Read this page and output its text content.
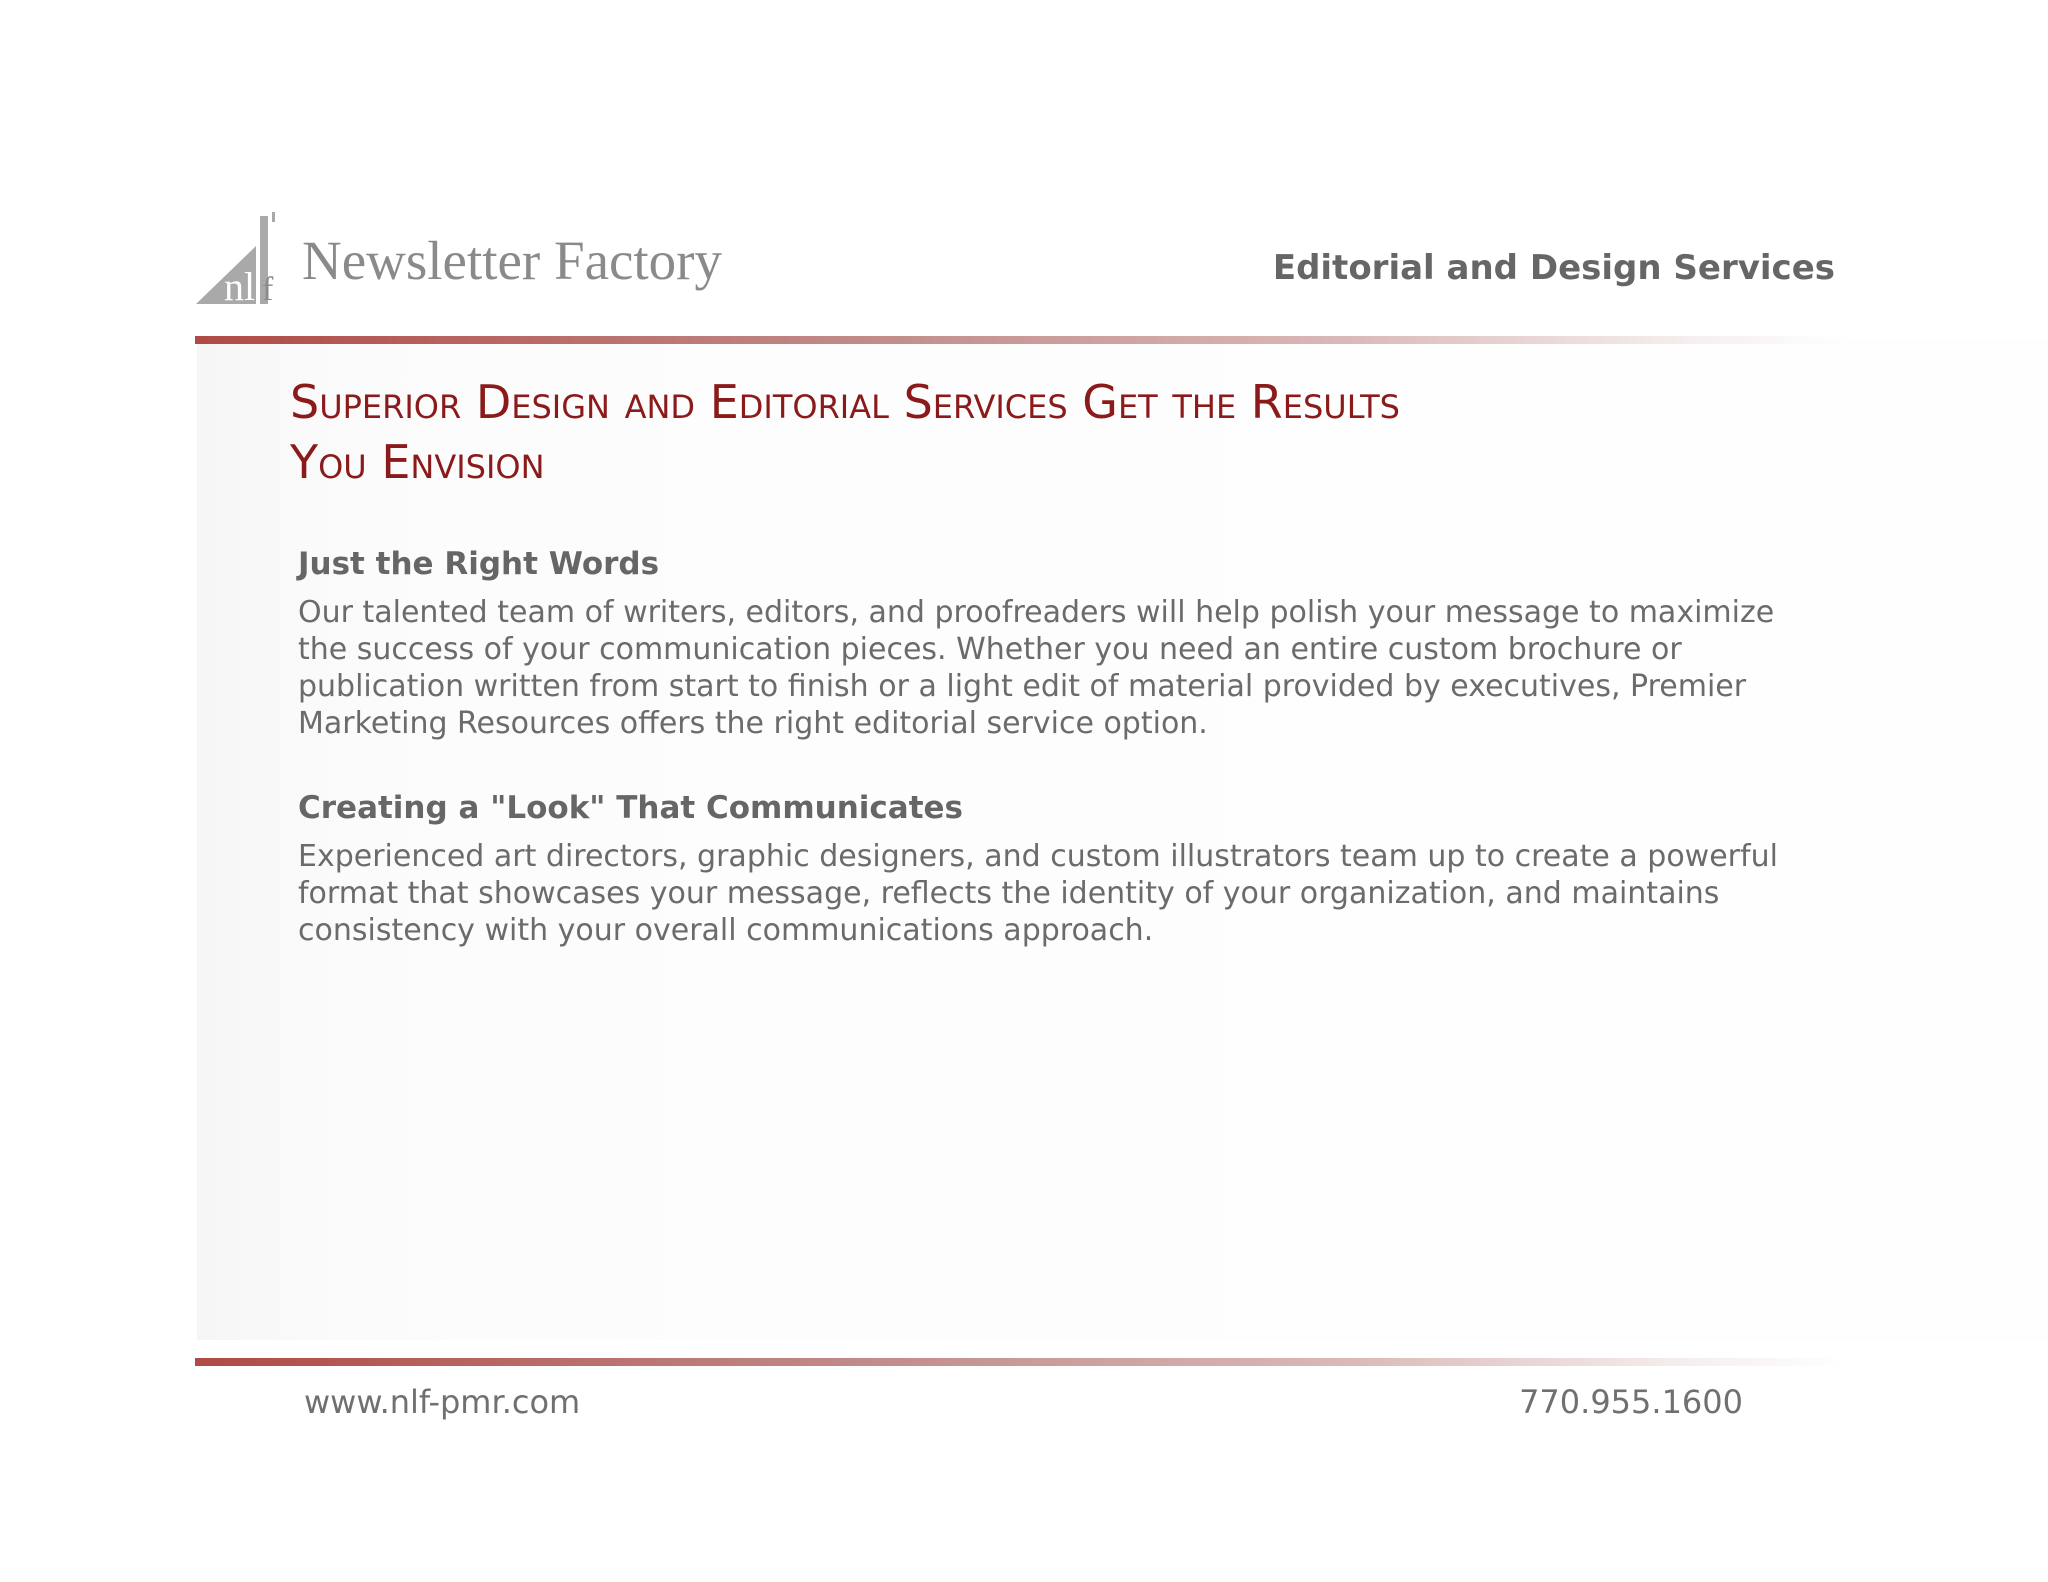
nl f Newsletter Factory	Editorial and Design Services
Superior Design and Editorial Services Get the Results
You Envision
Just the Right Words

Our talented team of writers, editors, and proofreaders will help polish your message to maximize the success of your communication pieces. Whether you need an entire custom brochure or publication written from start to finish or a light edit of material provided by executives, Premier Marketing Resources offers the right editorial service option.

Creating a "Look" That Communicates

Experienced art directors, graphic designers, and custom illustrators team up to create a powerful format that showcases your message, reflects the identity of your organization, and maintains consistency with your overall communications approach.

www.nlf-pmr.com	770.955.1600
